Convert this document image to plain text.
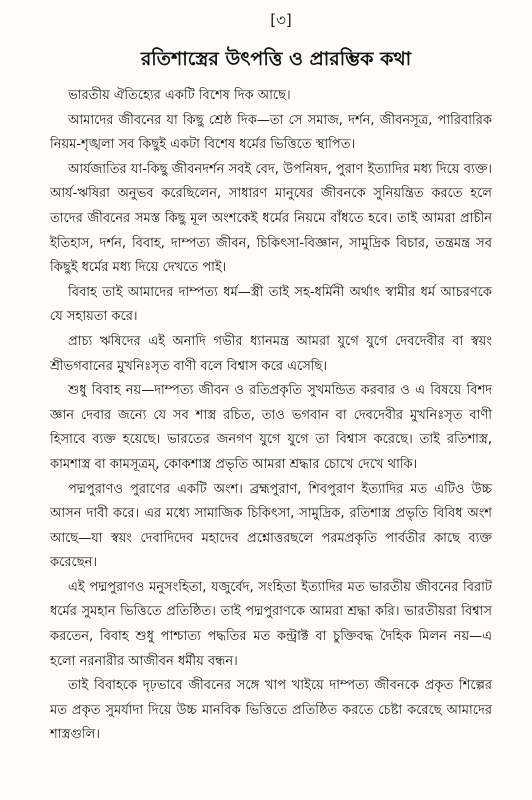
[৩]
রতিশাস্ত্রের উৎপত্তি ও প্রারম্ভিক কথা

ভারতীয় ঐতিহ্যের একটি বিশেষ দিক আছে।

আমাদের জীবনের যা কিছু শ্রেষ্ঠ দিক—তা সে সমাজ, দর্শন, জীবনসূত্র, পারিবারিক নিয়ম-শৃঙ্খলা সব কিছুই একটা বিশেষ ধর্মের ভিত্তিতে স্থাপিত।

আর্যজাতির যা-কিছু জীবনদর্শন সবই বেদ, উপনিষদ, পুরাণ ইত্যাদির মধ্য দিয়ে ব্যক্ত। আর্য-ঋষিরা অনুভব করেছিলেন, সাধারণ মানুষের জীবনকে সুনিয়ন্ত্রিত করতে হলে তাদের জীবনের সমস্ত কিছু মূল অংশকেই ধর্মের নিয়মে বাঁধতে হবে। তাই আমরা প্রাচীন ইতিহাস, দর্শন, বিবাহ, দাম্পত্য জীবন, চিকিৎসা-বিজ্ঞান, সামুদ্রিক বিচার, তন্ত্রমন্ত্র সব কিছুই ধর্মের মধ্য দিয়ে দেখতে পাই।

বিবাহ তাই আমাদের দাম্পত্য ধর্ম—স্ত্রী তাই সহ-ধর্মিনী অর্থাৎ স্বামীর ধর্ম আচরণকে যে সহায়তা করে।

প্রাচ্য ঋষিদের এই অনাদি গভীর ধ্যানমন্ত্র আমরা যুগে যুগে দেবদেবীর বা স্বয়ং শ্রীভগবানের মুখনিঃসৃত বাণী বলে বিশ্বাস করে এসেছি।

শুধু বিবাহ নয়—দাম্পত্য জীবন ও রতিপ্রকৃতি সুখমন্ডিত করবার ও এ বিষয়ে বিশদ জ্ঞান দেবার জন্যে যে সব শাস্ত্র রচিত, তাও ভগবান বা দেবদেবীর মুখনিঃসৃত বাণী হিসাবে ব্যক্ত হয়েছে। ভারতের জনগণ যুগে যুগে তা বিশ্বাস করেছে। তাই রতিশাস্ত্র, কামশাস্ত্র বা কামসূত্রম্, কোকশাস্ত্র প্রভৃতি আমরা শ্রদ্ধার চোখে দেখে থাকি।

পদ্মপুরাণও পুরাণের একটি অংশ। ব্রহ্মপুরাণ, শিবপুরাণ ইত্যাদির মত এটিও উচ্চ আসন দাবী করে। এর মধ্যে সামাজিক চিকিৎসা, সামুদ্রিক, রতিশাস্ত্র প্রভৃতি বিবিধ অংশ আছে—যা স্বয়ং দেবাদিদেব মহাদেব প্রশ্নোত্তরছলে পরমপ্রকৃতি পার্বতীর কাছে ব্যক্ত করেছেন।

এই পদ্মপুরাণও মনুসংহিতা, যজুর্বেদ, সংহিতা ইত্যাদির মত ভারতীয় জীবনের বিরাট ধর্মের সুমহান ভিত্তিতে প্রতিষ্ঠিত। তাই পদ্মপুরাণকে আমরা শ্রদ্ধা করি। ভারতীয়রা বিশ্বাস করতেন, বিবাহ শুধু পাশ্চাত্য পদ্ধতির মত কন্ট্রাক্ট বা চুক্তিবদ্ধ দৈহিক মিলন নয়—এ হলো নরনারীর আজীবন ধর্মীয় বন্ধন।

তাই বিবাহকে দৃঢ়ভাবে জীবনের সঙ্গে খাপ খাইয়ে দাম্পত্য জীবনকে প্রকৃত শিল্পের মত প্রকৃত সুমর্যাদা দিয়ে উচ্চ মানবিক ভিত্তিতে প্রতিষ্ঠিত করতে চেষ্টা করেছে আমাদের শাস্ত্রগুলি।
